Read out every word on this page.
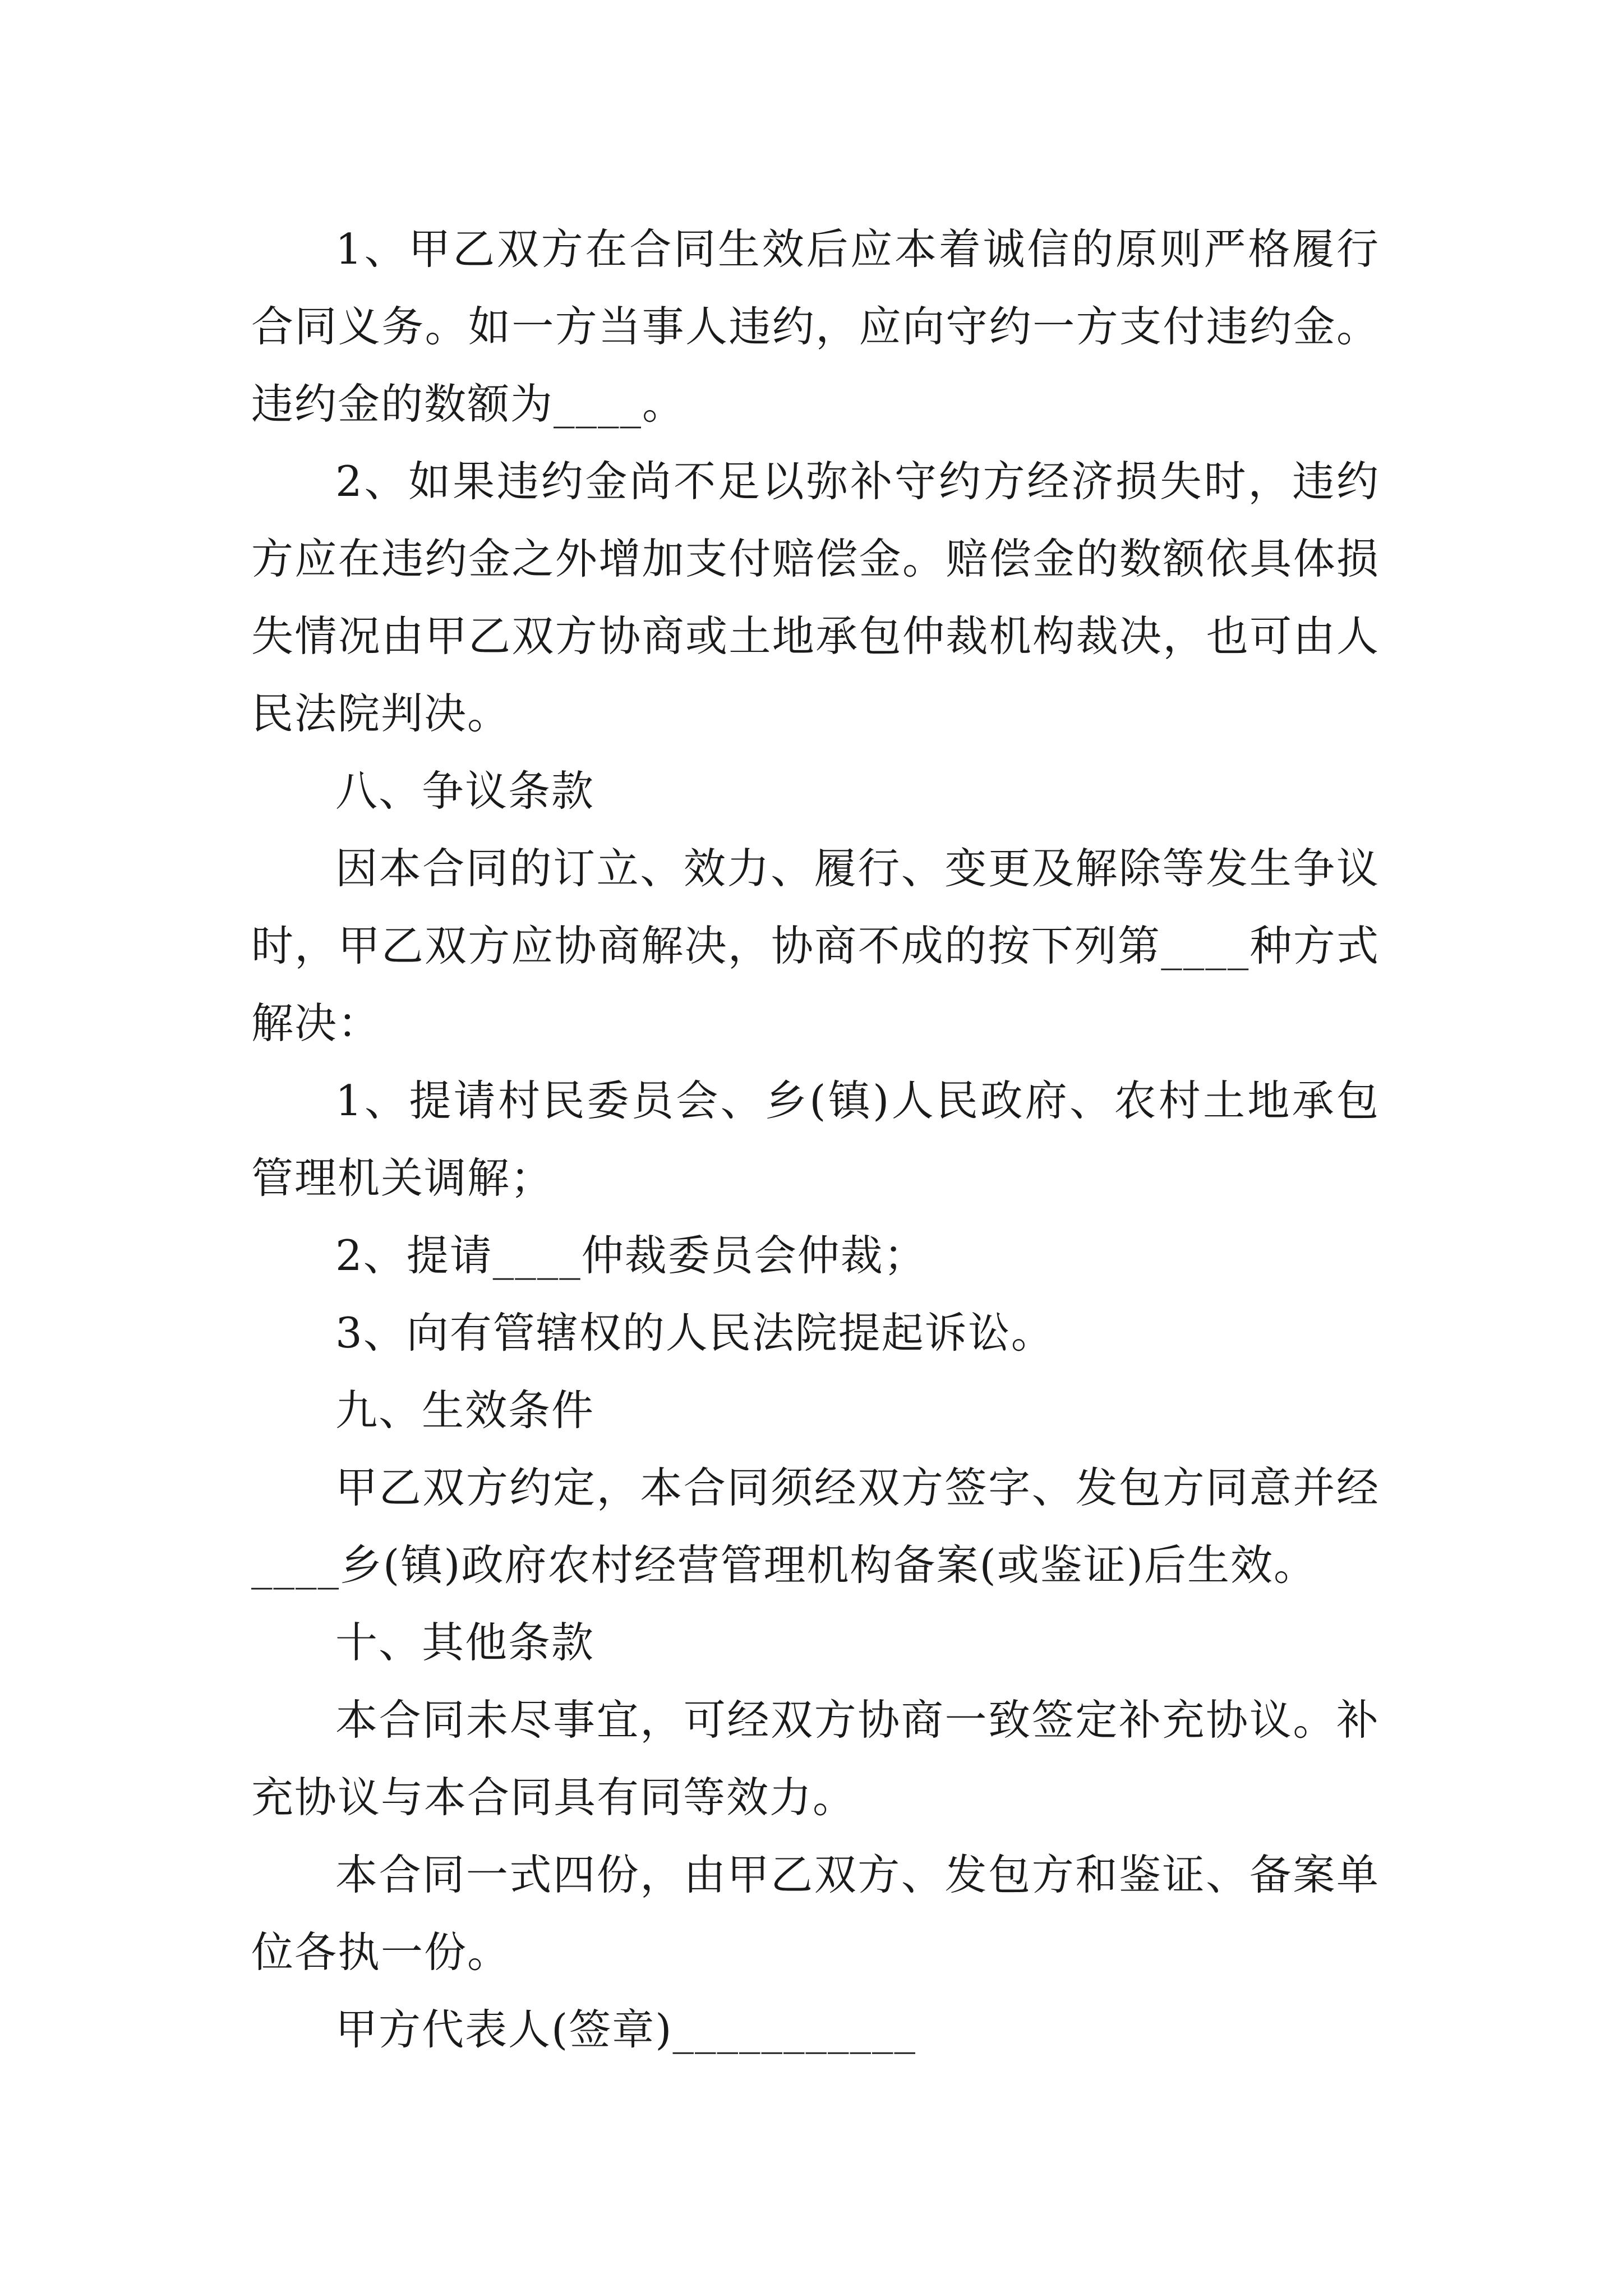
1、甲乙双方在合同生效后应本着诚信的原则严格履行合同义务。如一方当事人违约，应向守约一方支付违约金。违约金的数额为____。

2、如果违约金尚不足以弥补守约方经济损失时，违约方应在违约金之外增加支付赔偿金。赔偿金的数额依具体损失情况由甲乙双方协商或土地承包仲裁机构裁决，也可由人民法院判决。

八、争议条款

因本合同的订立、效力、履行、变更及解除等发生争议时，甲乙双方应协商解决，协商不成的按下列第____种方式解决：

1、提请村民委员会、乡(镇)人民政府、农村土地承包管理机关调解；

2、提请____仲裁委员会仲裁；

3、向有管辖权的人民法院提起诉讼。

九、生效条件

甲乙双方约定，本合同须经双方签字、发包方同意并经____乡(镇)政府农村经营管理机构备案(或鉴证)后生效。

十、其他条款

本合同未尽事宜，可经双方协商一致签定补充协议。补充协议与本合同具有同等效力。

本合同一式四份，由甲乙双方、发包方和鉴证、备案单位各执一份。

甲方代表人(签章)___________
